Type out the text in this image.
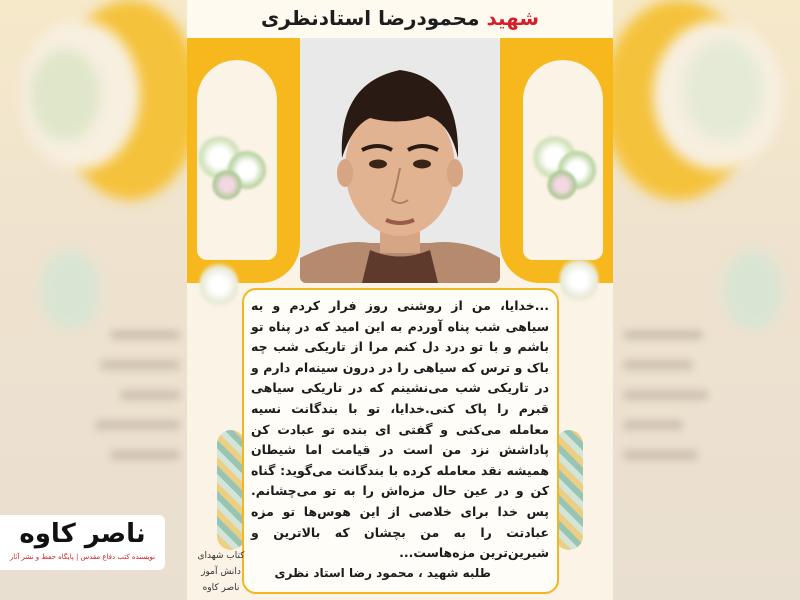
...خدایا، من از روشنی روز فرار کردم و به سیاهی شب پناه آوردم به این امید که در پناه تو باشم و با تو درد دل کنم مرا از تاریکی شب چه باک و ترس که سیاهی را در درون سینه‌ام دارم و در تاریکی شب می‌نشینم که در تاریکی سیاهی قبرم را پاک کنی.خدایا، تو با بندگانت نسیه معامله می‌کنی و گفتی ای بنده تو عبادت کن پاداشش نزد من است در قیامت اما شیطان همیشه نقد معامله کرده با بندگانت می‌گوید: گناه کن و در عین حال مزه‌اش را به تو می‌چشانم. پس خدا برای خلاصی از این هوس‌ها تو مزه عبادتت را به من بچشان که بالاترین و شیرین‌ترین مزه‌هاست...
طلبه شهید ، محمود رضا استاد نظری
کتاب شهدای
دانش آموز
ناصر کاوه
شهید محمودرضا استادنظری
ناصر کاوه
نویسنده کتب دفاع مقدس | پایگاه حفظ و نشر آثار
